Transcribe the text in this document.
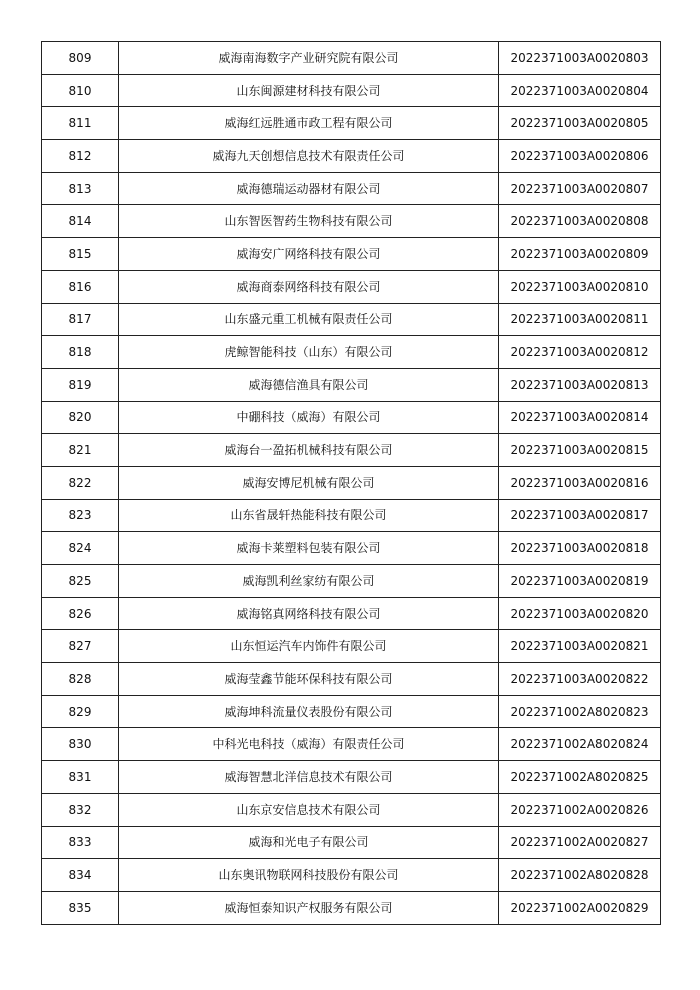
809	威海南海数字产业研究院有限公司	2022371003A0020803
810	山东闽源建材科技有限公司	2022371003A0020804
811	威海红远胜通市政工程有限公司	2022371003A0020805
812	威海九天创想信息技术有限责任公司	2022371003A0020806
813	威海德瑞运动器材有限公司	2022371003A0020807
814	山东智医智药生物科技有限公司	2022371003A0020808
815	威海安广网络科技有限公司	2022371003A0020809
816	威海商泰网络科技有限公司	2022371003A0020810
817	山东盛元重工机械有限责任公司	2022371003A0020811
818	虎鲸智能科技（山东）有限公司	2022371003A0020812
819	威海德信渔具有限公司	2022371003A0020813
820	中硼科技（威海）有限公司	2022371003A0020814
821	威海台一盈拓机械科技有限公司	2022371003A0020815
822	威海安博尼机械有限公司	2022371003A0020816
823	山东省晟轩热能科技有限公司	2022371003A0020817
824	威海卡莱塑料包装有限公司	2022371003A0020818
825	威海凯利丝家纺有限公司	2022371003A0020819
826	威海铭真网络科技有限公司	2022371003A0020820
827	山东恒运汽车内饰件有限公司	2022371003A0020821
828	威海莹鑫节能环保科技有限公司	2022371003A0020822
829	威海坤科流量仪表股份有限公司	2022371002A8020823
830	中科光电科技（威海）有限责任公司	2022371002A8020824
831	威海智慧北洋信息技术有限公司	2022371002A8020825
832	山东京安信息技术有限公司	2022371002A0020826
833	威海和光电子有限公司	2022371002A0020827
834	山东奥讯物联网科技股份有限公司	2022371002A8020828
835	威海恒泰知识产权服务有限公司	2022371002A0020829
